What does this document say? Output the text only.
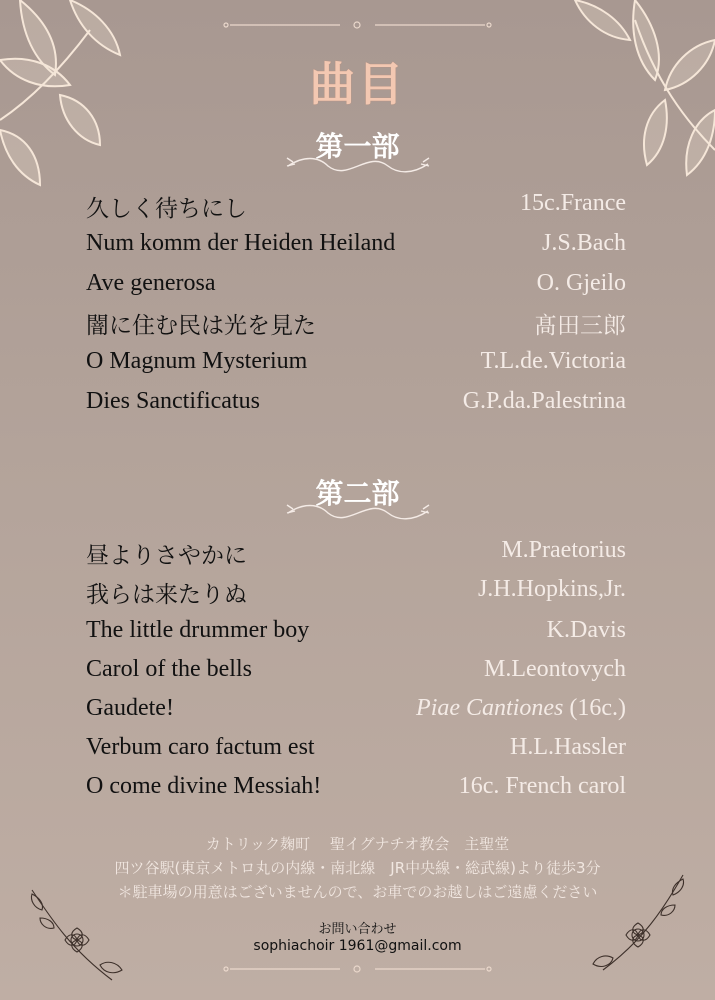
曲目
第一部
久しく待ちにし	15c.France
Num komm der Heiden Heiland	J.S.Bach
Ave generosa	O. Gjeilo
闇に住む民は光を見た	髙田三郎
O Magnum Mysterium	T.L.de.Victoria
Dies Sanctificatus	G.P.da.Palestrina
第二部
昼よりさやかに	M.Praetorius
我らは来たりぬ	J.H.Hopkins,Jr.
The little drummer boy	K.Davis
Carol of the bells	M.Leontovych
Gaudete!	Piae Cantiones (16c.)
Verbum caro factum est	H.L.Hassler
O come divine Messiah!	16c. French carol
カトリック麹町　 聖イグナチオ教会　主聖堂
四ツ谷駅(東京メトロ丸の内線・南北線　JR中央線・総武線)より徒歩3分
＊駐車場の用意はございませんので、お車でのお越しはご遠慮ください
お問い合わせ
sophiachoir 1961@gmail.com
